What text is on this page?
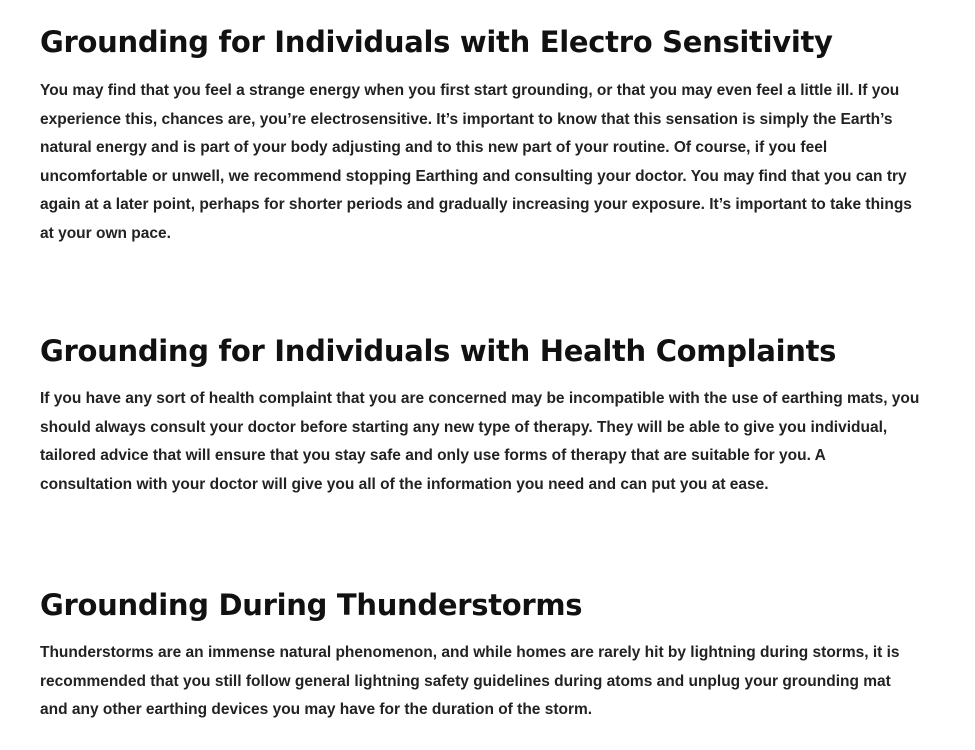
Grounding for Individuals with Electro Sensitivity

You may find that you feel a strange energy when you first start grounding, or that you may even feel a little ill. If you experience this, chances are, you’re electrosensitive. It’s important to know that this sensation is simply the Earth’s natural energy and is part of your body adjusting and to this new part of your routine. Of course, if you feel uncomfortable or unwell, we recommend stopping Earthing and consulting your doctor. You may find that you can try again at a later point, perhaps for shorter periods and gradually increasing your exposure. It’s important to take things at your own pace.

Grounding for Individuals with Health Complaints

If you have any sort of health complaint that you are concerned may be incompatible with the use of earthing mats, you should always consult your doctor before starting any new type of therapy. They will be able to give you individual, tailored advice that will ensure that you stay safe and only use forms of therapy that are suitable for you. A consultation with your doctor will give you all of the information you need and can put you at ease.

Grounding During Thunderstorms

Thunderstorms are an immense natural phenomenon, and while homes are rarely hit by lightning during storms, it is recommended that you still follow general lightning safety guidelines during atoms and unplug your grounding mat and any other earthing devices you may have for the duration of the storm.
